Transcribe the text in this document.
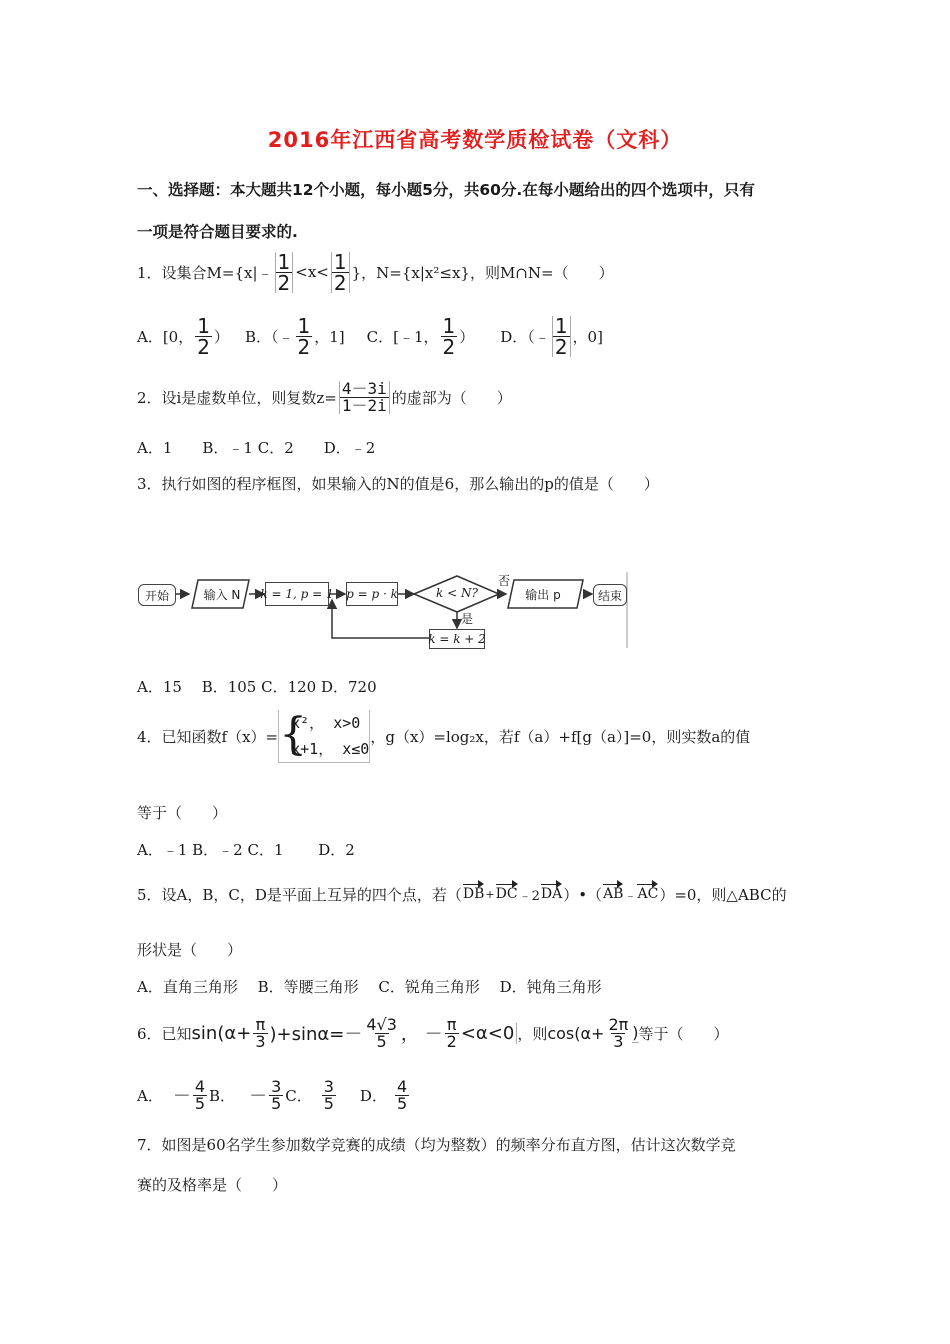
2016年江西省高考数学质检试卷（文科）
一、选择题：本大题共12个小题，每小题5分，共60分.在每小题给出的四个选项中，只有
一项是符合题目要求的.
1．设集合M={x|﹣ $\frac{1}{2} <x< \frac{1}{2}$ }，N={x|x²≤x}，则M∩N=（　　）
A．[0， $\frac{1}{2}$ ） B．（﹣ $\frac{1}{2}$ ，1] C．[﹣1， $\frac{1}{2}$ ） D．（﹣ $\frac{1}{2}$ ，0]
2．设i是虚数单位，则复数$z= \frac{4-3i}{1-2i}$ 的虚部为（　　）
A．1　　B．﹣1 C．2　　D．﹣2
3．执行如图的程序框图，如果输入的N的值是6，那么输出的p的值是（　　）
开始	输入 N	k = 1, p = 1 p = p · k	k < N?
否
是
输出 p	结束
k = k + 2
A．15　 B．105 C．120 D．720
4．已知函数f（x）= {
x²， x>0
x+1， x≤0
，g（x）=log₂x，若f（a）+f[g（a）]=0，则实数a的值
等于（　　）
A．﹣1 B．﹣2 C．1　　 D．2
5．设A，B，C，D是平面上互异的四个点，若（ DB + DC ﹣2 DA ）•（ AB ﹣ AC ）=0，则△ABC的
形状是（　　）
A．直角三角形　 B．等腰三角形　 C．锐角三角形　 D．钝角三角形
6．已知 $\sin(\alpha+ \frac{\pi}{3} )+\sin\alpha=- \frac{4√3}{5}$ ， － $\frac{\pi}{2} <\alpha<0$ ，则 $\cos(\alpha+ \frac{2\pi}{3}$ ) 等于（　　）
A． － $\frac{4}{5}$ B． － $\frac{3}{5}$ C． $\frac{3}{5}$ D． $\frac{4}{5}$
7．如图是60名学生参加数学竞赛的成绩（均为整数）的频率分布直方图，估计这次数学竞
赛的及格率是（　　）
